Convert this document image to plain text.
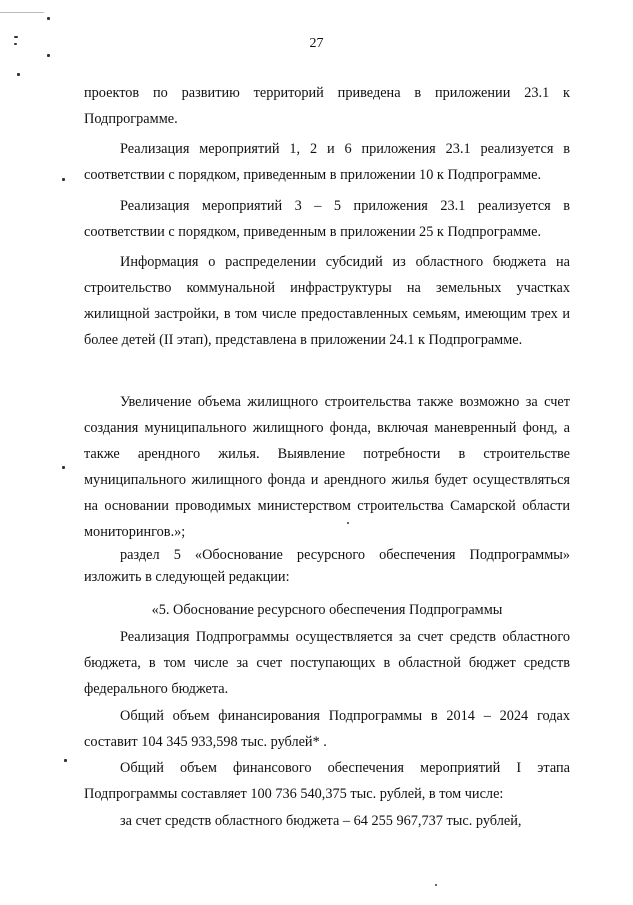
27

проектов по развитию территорий приведена в приложении 23.1 к Подпрограмме.

Реализация мероприятий 1, 2 и 6 приложения 23.1 реализуется в соответствии с порядком, приведенным в приложении 10 к Подпрограмме.

Реализация мероприятий 3 – 5 приложения 23.1 реализуется в соответствии с порядком, приведенным в приложении 25 к Подпрограмме.

Информация о распределении субсидий из областного бюджета на строительство коммунальной инфраструктуры на земельных участках жилищной застройки, в том числе предоставленных семьям, имеющим трех и более детей (II этап), представлена в приложении 24.1 к Подпрограмме.

Увеличение объема жилищного строительства также возможно за счет создания муниципального жилищного фонда, включая маневренный фонд, а также арендного жилья. Выявление потребности в строительстве муниципального жилищного фонда и арендного жилья будет осуществляться на основании проводимых министерством строительства Самарской области мониторингов.»;

раздел 5 «Обоснование ресурсного обеспечения Подпрограммы» изложить в следующей редакции:

«5. Обоснование ресурсного обеспечения Подпрограммы

Реализация Подпрограммы осуществляется за счет средств областного бюджета, в том числе за счет поступающих в областной бюджет средств федерального бюджета.

Общий объем финансирования Подпрограммы в 2014 – 2024 годах составит 104 345 933,598 тыс. рублей* .

Общий объем финансового обеспечения мероприятий I этапа Подпрограммы составляет 100 736 540,375 тыс. рублей, в том числе:

за счет средств областного бюджета – 64 255 967,737 тыс. рублей,
